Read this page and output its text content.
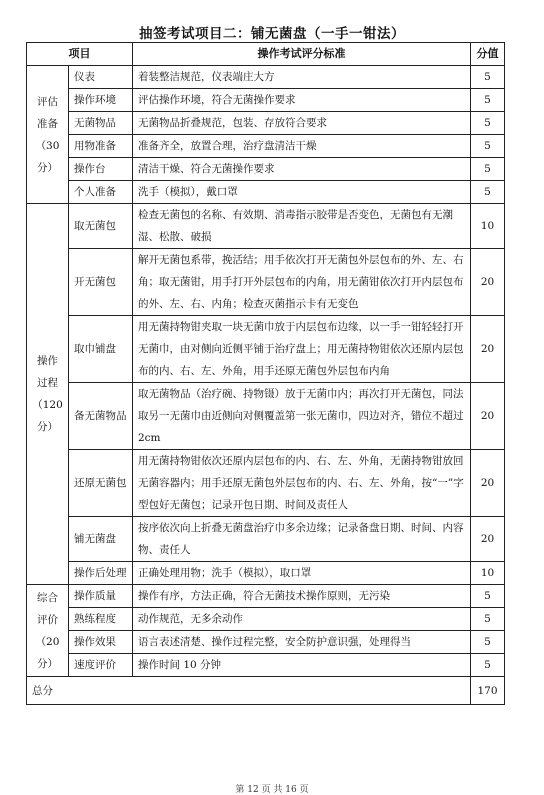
抽签考试项目二：铺无菌盘（一手一钳法）
项目		操作考试评分标准	分值
评估准备（30分）	仪表	着装整洁规范，仪表端庄大方	5
	操作环境	评估操作环境，符合无菌操作要求	5
	无菌物品	无菌物品折叠规范，包装、存放符合要求	5
	用物准备	准备齐全，放置合理，治疗盘清洁干燥	5
	操作台	清洁干燥、符合无菌操作要求	5
	个人准备	洗手（模拟），戴口罩	5
操作过程（120分）	取无菌包	检查无菌包的名称、有效期、消毒指示胶带是否变色，无菌包有无潮湿、松散、破损	10
	开无菌包	解开无菌包系带，挽活结；用手依次打开无菌包外层包布的外、左、右角；取无菌钳，用手打开外层包布的内角，用无菌钳依次打开内层包布的外、左、右、内角；检查灭菌指示卡有无变色	20
	取巾铺盘	用无菌持物钳夹取一块无菌巾放于内层包布边缘，以一手一钳轻轻打开无菌巾，由对侧向近侧平铺于治疗盘上；用无菌持物钳依次还原内层包布的内、右、左、外角，用手还原无菌包外层包布内角	20
	备无菌物品	取无菌物品（治疗碗、持物镊）放于无菌巾内；再次打开无菌包，同法取另一无菌巾由近侧向对侧覆盖第一张无菌巾，四边对齐，错位不超过 2cm	20
	还原无菌包	用无菌持物钳依次还原内层包布的内、右、左、外角，无菌持物钳放回无菌容器内；用手还原无菌包外层包布的内、右、左、外角，按“一”字型包好无菌包；记录开包日期、时间及责任人	20
	铺无菌盘	按序依次向上折叠无菌盘治疗巾多余边缘；记录备盘日期、时间、内容物、责任人	20
	操作后处理	正确处理用物；洗手（模拟），取口罩	10
综合评价（20分）	操作质量	操作有序，方法正确，符合无菌技术操作原则，无污染	5
	熟练程度	动作规范，无多余动作	5
	操作效果	语言表述清楚、操作过程完整，安全防护意识强，处理得当	5
	速度评价	操作时间 10 分钟	5
总分			170
第 12 页 共 16 页
